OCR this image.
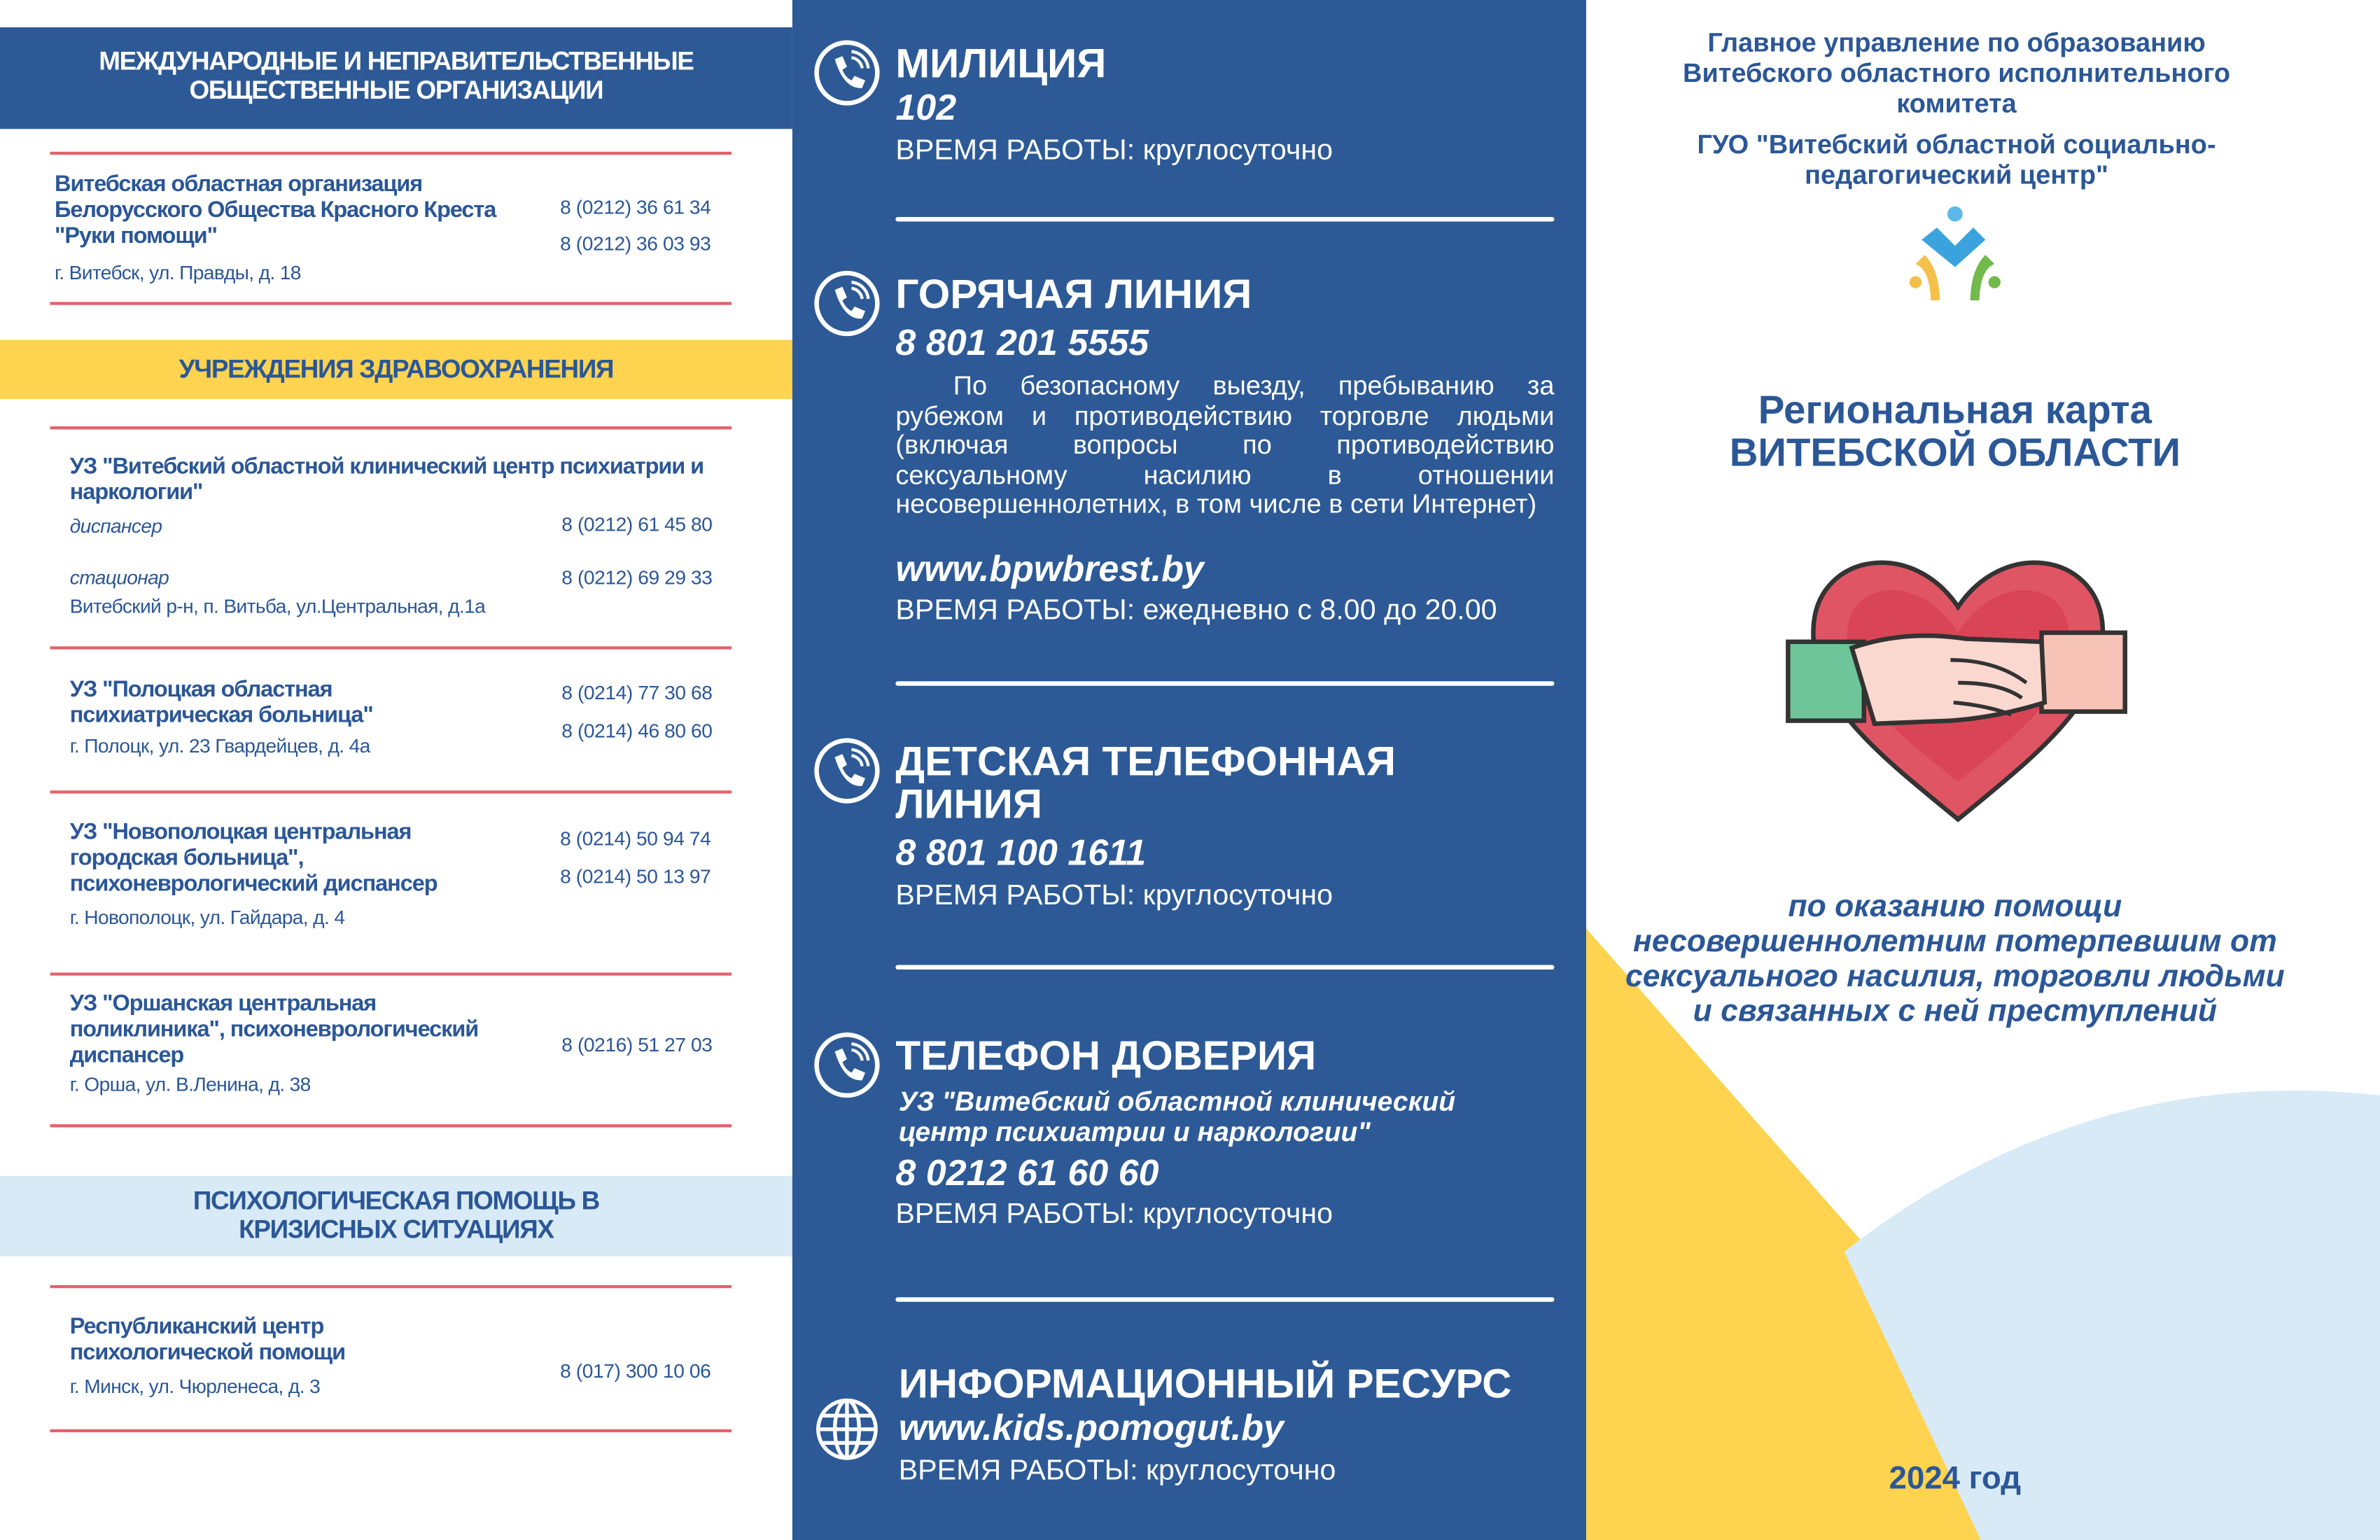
МЕЖДУНАРОДНЫЕ И НЕПРАВИТЕЛЬСТВЕННЫЕ ОБЩЕСТВЕННЫЕ ОРГАНИЗАЦИИ
Витебская областная организация Белорусского Общества Красного Креста "Руки помощи"
г. Витебск, ул. Правды, д. 18
8 (0212) 36 61 34
8 (0212) 36 03 93
УЧРЕЖДЕНИЯ ЗДРАВООХРАНЕНИЯ
УЗ "Витебский областной клинический центр психиатрии и наркологии"
диспансер
стационар
Витебский р-н, п. Витьба, ул.Центральная, д.1а
8 (0212) 61 45 80
8 (0212) 69 29 33
УЗ "Полоцкая областная психиатрическая больница"
г. Полоцк, ул. 23 Гвардейцев, д. 4а
8 (0214) 77 30 68
8 (0214) 46 80 60
УЗ "Новополоцкая центральная городская больница", психоневрологический диспансер
г. Новополоцк, ул. Гайдара, д. 4
8 (0214) 50 94 74
8 (0214) 50 13 97
УЗ "Оршанская центральная поликлиника", психоневрологический диспансер
г. Орша, ул. В.Ленина, д. 38
8 (0216) 51 27 03
ПСИХОЛОГИЧЕСКАЯ ПОМОЩЬ В КРИЗИСНЫХ СИТУАЦИЯХ
Республиканский центр психологической помощи
г. Минск, ул. Чюрленеса, д. 3
8 (017) 300 10 06
МИЛИЦИЯ
102
ВРЕМЯ РАБОТЫ: круглосуточно
ГОРЯЧАЯ ЛИНИЯ
8 801 201 5555
По безопасному выезду, пребыванию за рубежом и противодействию торговле людьми (включая вопросы по противодействию сексуальному насилию в отношении несовершеннолетних, в том числе в сети Интернет)
www.bpwbrest.by
ВРЕМЯ РАБОТЫ: ежедневно с 8.00 до 20.00
ДЕТСКАЯ ТЕЛЕФОННАЯ ЛИНИЯ
8 801 100 1611
ВРЕМЯ РАБОТЫ: круглосуточно
ТЕЛЕФОН ДОВЕРИЯ
УЗ "Витебский областной клинический центр психиатрии и наркологии"
8 0212 61 60 60
ВРЕМЯ РАБОТЫ: круглосуточно
ИНФОРМАЦИОННЫЙ РЕСУРС
www.kids.pomogut.by
ВРЕМЯ РАБОТЫ: круглосуточно
Главное управление по образованию Витебского областного исполнительного комитета
ГУО "Витебский областной социально-педагогический центр"
Региональная карта
ВИТЕБСКОЙ ОБЛАСТИ
по оказанию помощи несовершеннолетним потерпевшим от сексуального насилия, торговли людьми и связанных с ней преступлений
2024 год
